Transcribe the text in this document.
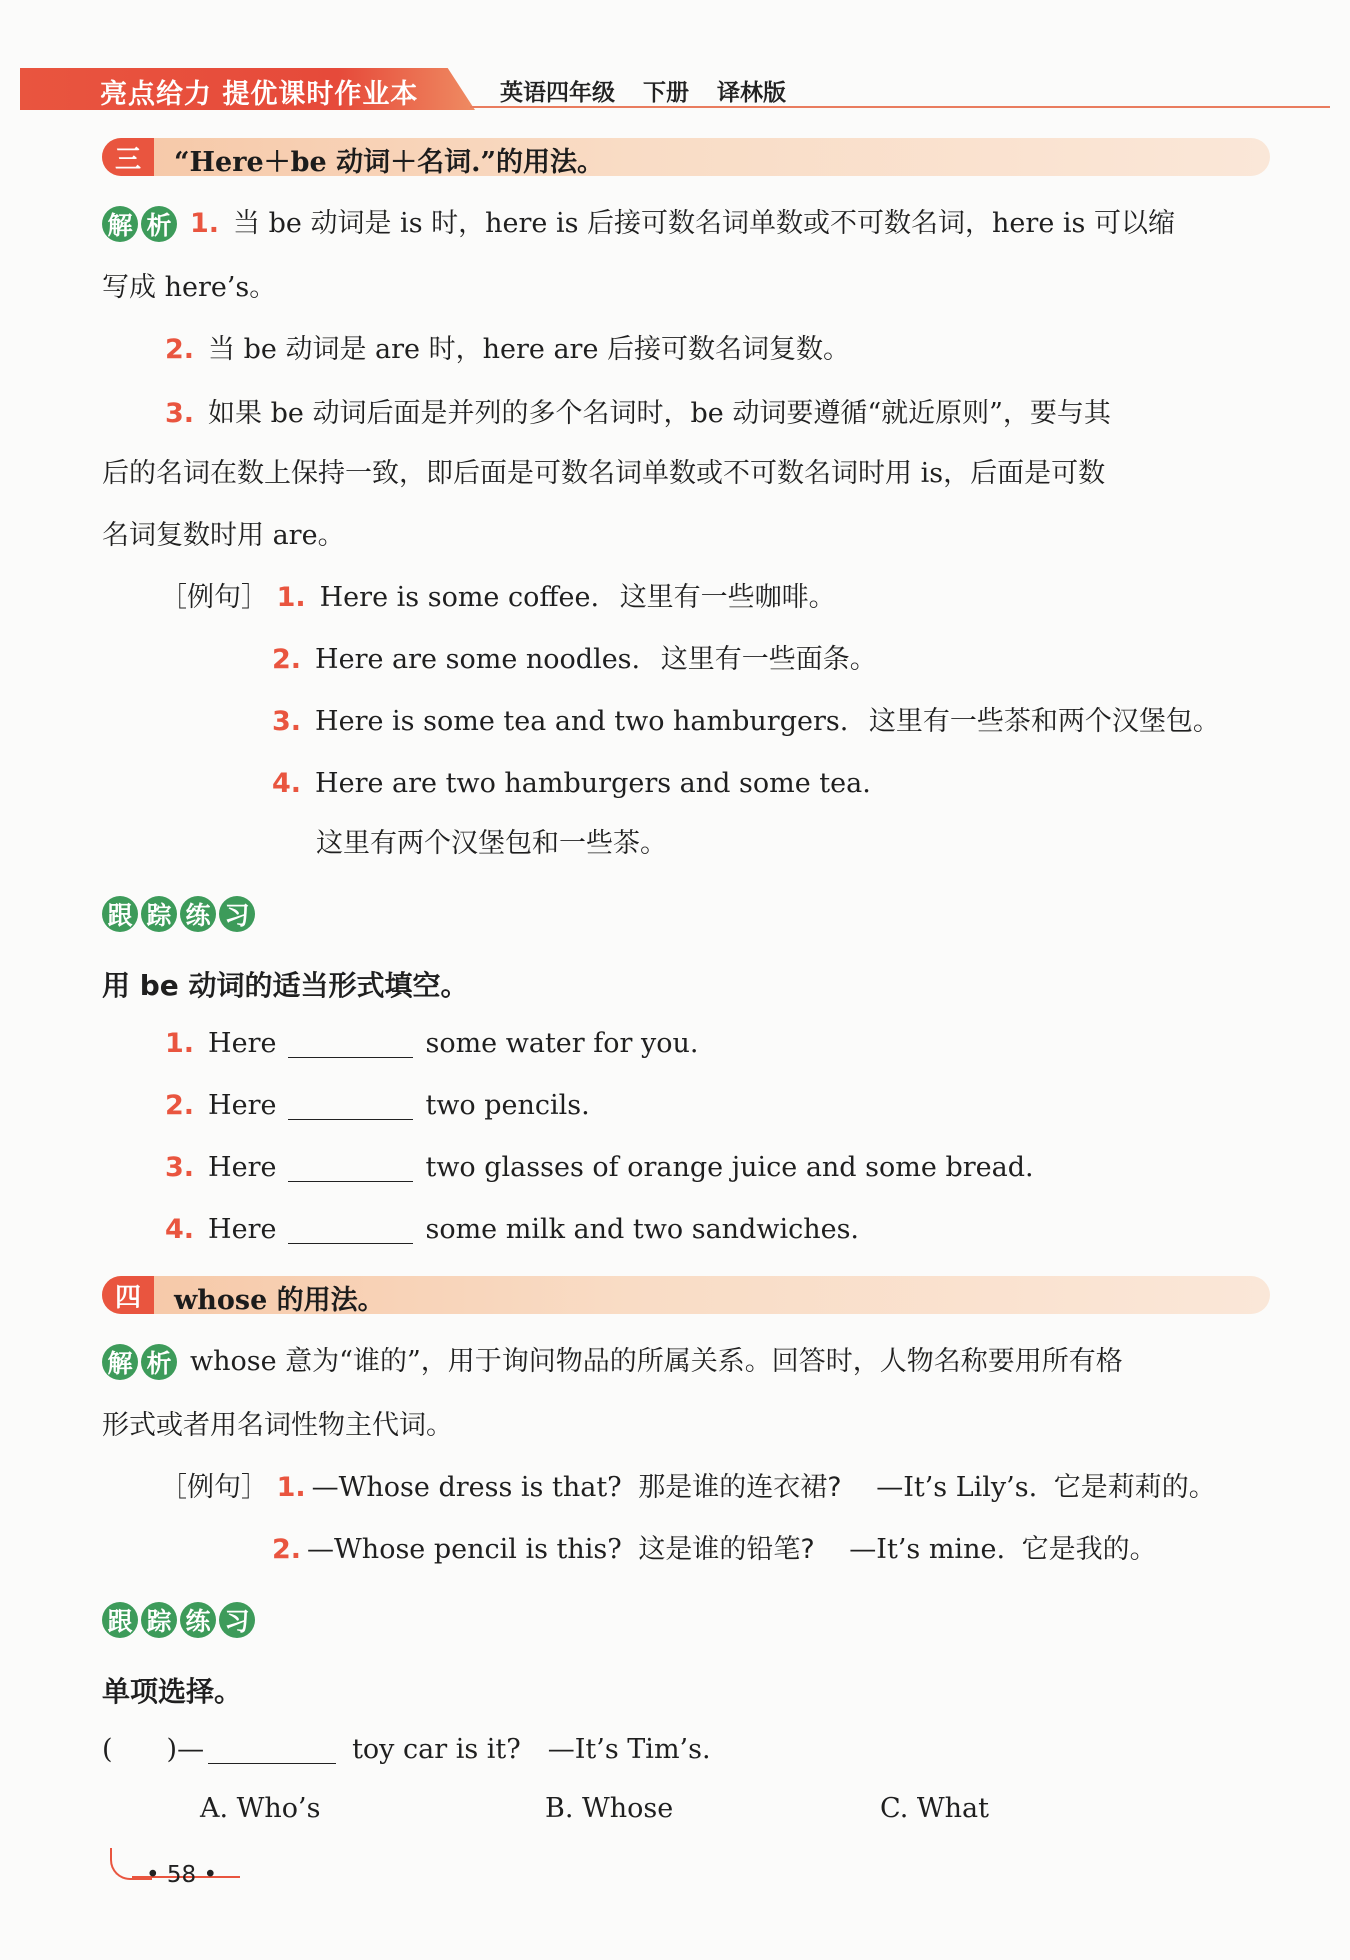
亮点给力 提优课时作业本	英语四年级 下册 译林版
三	“Here＋be 动词＋名词.”的用法。
解 析 1. 当 be 动词是 is 时，here is 后接可数名词单数或不可数名词，here is 可以缩
写成 here’s。
2. 当 be 动词是 are 时，here are 后接可数名词复数。
3. 如果 be 动词后面是并列的多个名词时，be 动词要遵循“就近原则”，要与其
后的名词在数上保持一致，即后面是可数名词单数或不可数名词时用 is，后面是可数
名词复数时用 are。
［例句］ 1. Here is some coffee. 这里有一些咖啡。
2. Here are some noodles. 这里有一些面条。
3. Here is some tea and two hamburgers. 这里有一些茶和两个汉堡包。
4. Here are two hamburgers and some tea.
这里有两个汉堡包和一些茶。
跟 踪 练 习
用 be 动词的适当形式填空。
1. Here	some water for you.
2. Here	two pencils.
3. Here	two glasses of orange juice and some bread.
4. Here	some milk and two sandwiches.
四	whose 的用法。
解 析 whose 意为“谁的”，用于询问物品的所属关系。回答时，人物名称要用所有格
形式或者用名词性物主代词。
［例句］ 1. —Whose dress is that? 那是谁的连衣裙? —It’s Lily’s. 它是莉莉的。
2. —Whose pencil is this? 这是谁的铅笔? —It’s mine. 它是我的。
跟 踪 练 习
单项选择。
(　　)—	toy car is it?　—It’s Tim’s.
A. Who’s	B. Whose	C. What
• 58 •
